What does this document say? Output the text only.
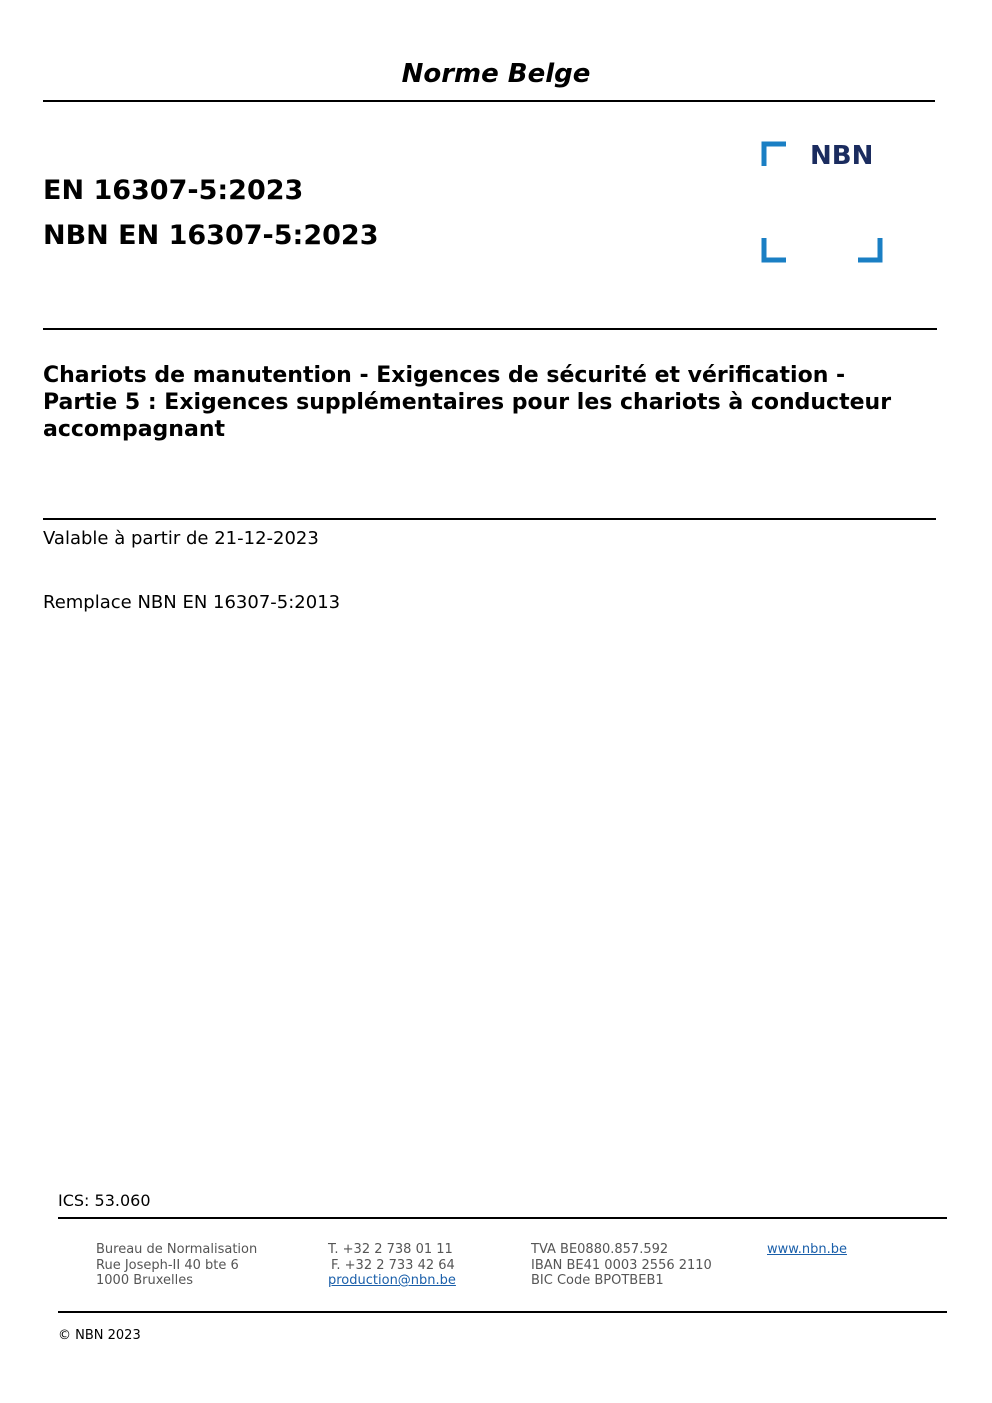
Norme Belge
EN 16307-5:2023
NBN EN 16307-5:2023
NBN
Chariots de manutention - Exigences de sécurité et vérification - Partie 5 : Exigences supplémentaires pour les chariots à conducteur accompagnant
Valable à partir de 21-12-2023
Remplace NBN EN 16307-5:2013
ICS: 53.060
Bureau de Normalisation
Rue Joseph-II 40 bte 6
1000 Bruxelles
T. +32 2 738 01 11
F. +32 2 733 42 64
production@nbn.be
TVA BE0880.857.592
IBAN BE41 0003 2556 2110
BIC Code BPOTBEB1
www.nbn.be
© NBN 2023
